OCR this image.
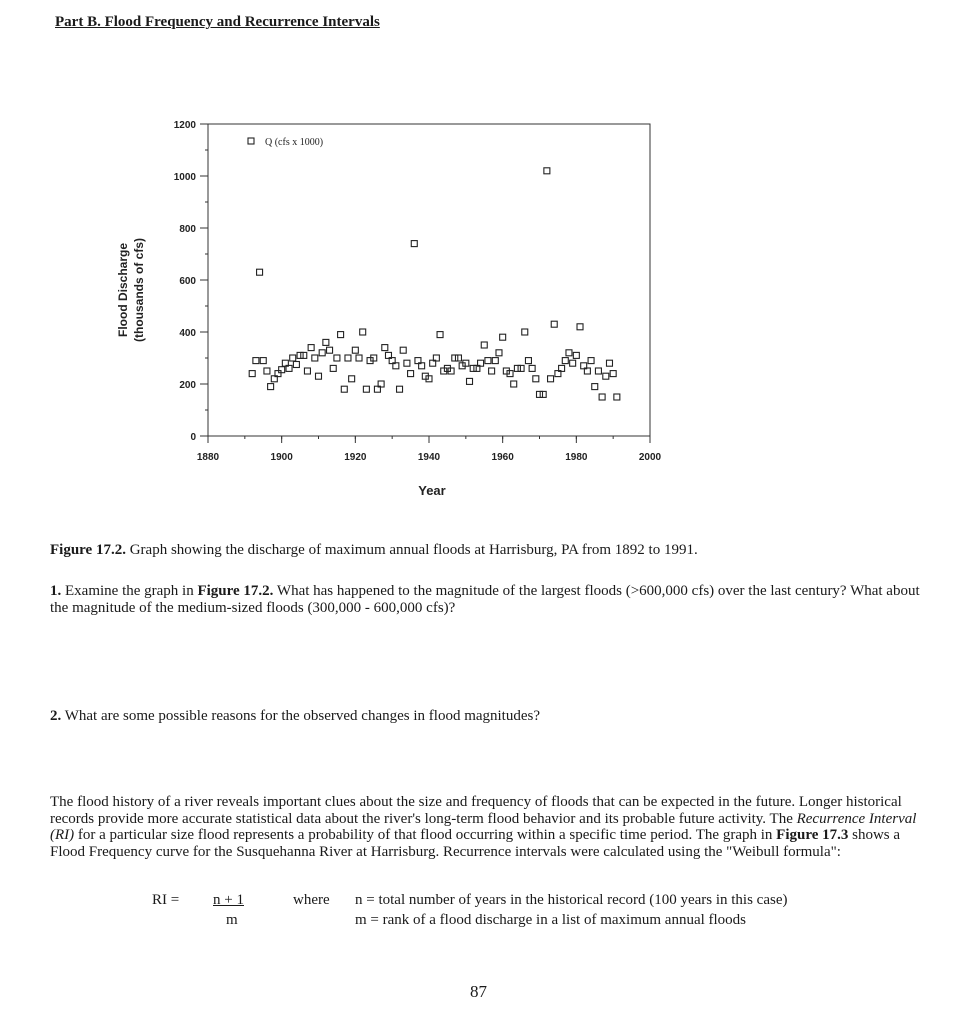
Part B. Flood Frequency and Recurrence Intervals
0
200
400
600
800
1000
1200
1880	1900	1920	1940	1960	1980	2000
Q (cfs x 1000)
Year
Flood Discharge (thousands of cfs)
Figure 17.2. Graph showing the discharge of maximum annual floods at Harrisburg, PA from 1892 to 1991.
1. Examine the graph in Figure 17.2. What has happened to the magnitude of the largest floods (>600,000 cfs) over the last century? What about the magnitude of the medium-sized floods (300,000 - 600,000 cfs)?
2. What are some possible reasons for the observed changes in flood magnitudes?
The flood history of a river reveals important clues about the size and frequency of floods that can be expected in the future. Longer historical records provide more accurate statistical data about the river's long-term flood behavior and its probable future activity. The Recurrence Interval (RI) for a particular size flood represents a probability of that flood occurring within a specific time period. The graph in Figure 17.3 shows a Flood Frequency curve for the Susquehanna River at Harrisburg. Recurrence intervals were calculated using the "Weibull formula":
RI = n + 1
m
where n = total number of years in the historical record (100 years in this case)
m = rank of a flood discharge in a list of maximum annual floods
87
